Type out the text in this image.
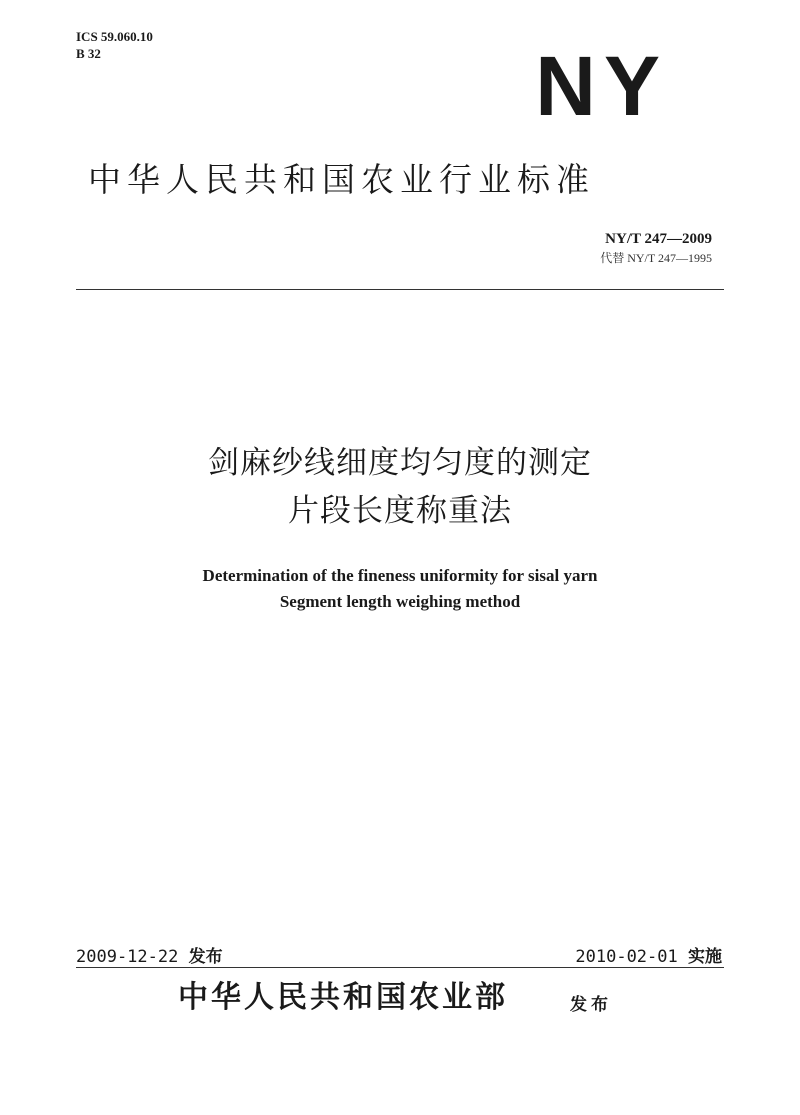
ICS 59.060.10
B 32	NY
中华人民共和国农业行业标准
NY/T 247—2009
代替 NY/T 247—1995
剑麻纱线细度均匀度的测定
片段长度称重法
Determination of the fineness uniformity for sisal yarn
Segment length weighing method
2009-12-22 发布	2010-02-01 实施
中华人民共和国农业部	发布
